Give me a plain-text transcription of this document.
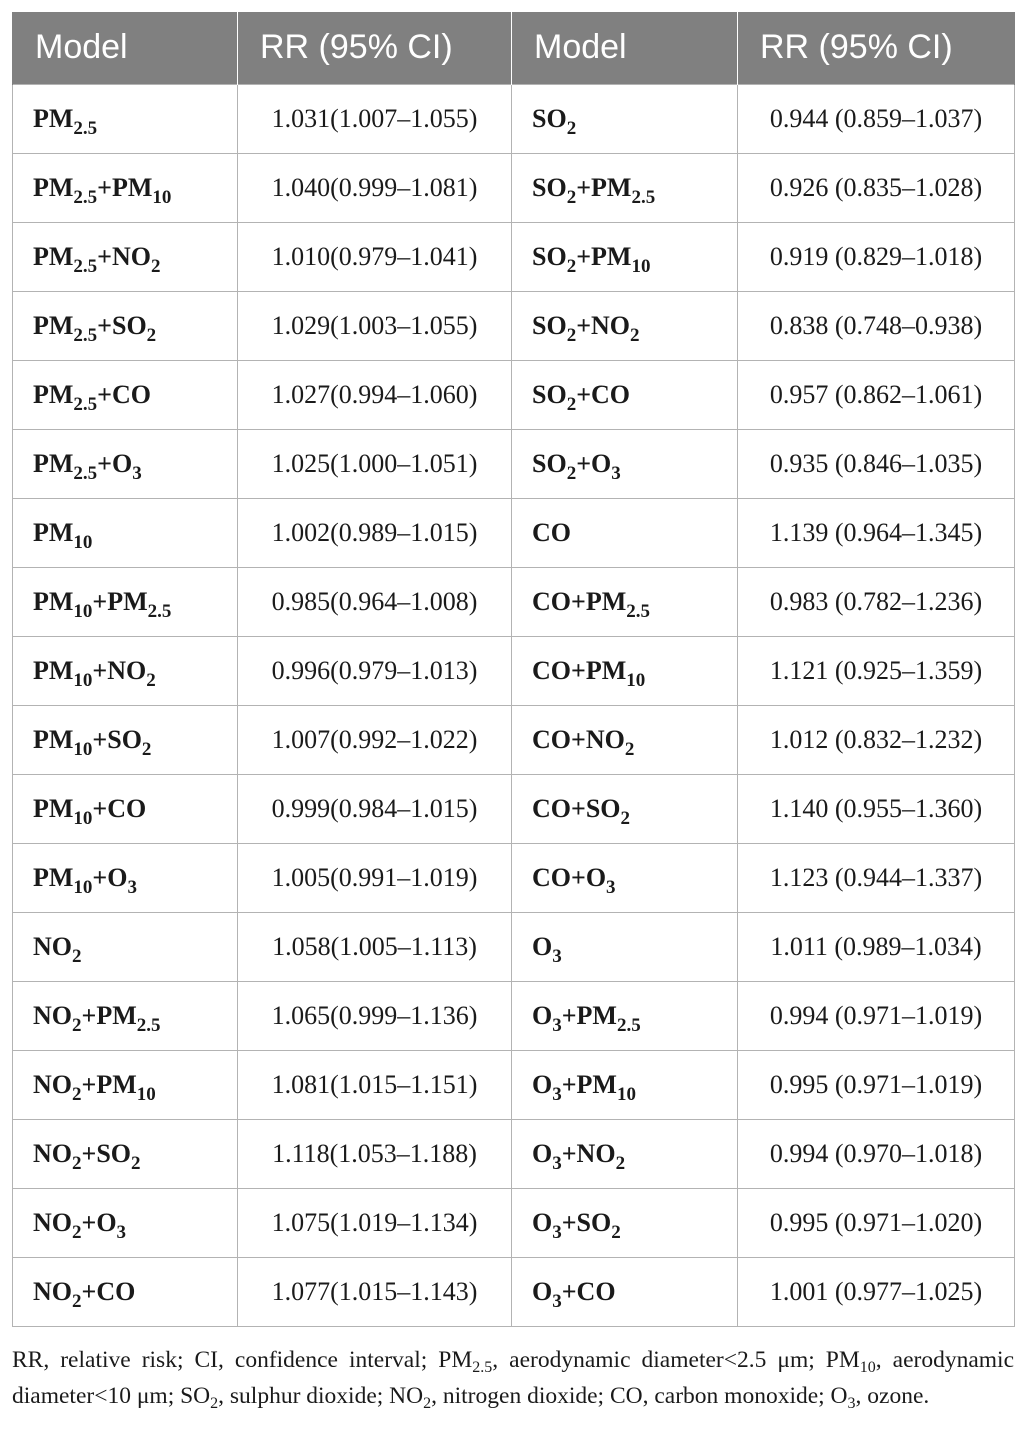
Model	RR (95% CI)	Model	RR (95% CI)
$PM_{2.5}$	1.031(1.007–1.055)	$SO_2$	0.944 (0.859–1.037)
$PM_{2.5}+PM_{10}$	1.040(0.999–1.081)	$SO_2+PM_{2.5}$	0.926 (0.835–1.028)
$PM_{2.5}+NO_2$	1.010(0.979–1.041)	$SO_2+PM_{10}$	0.919 (0.829–1.018)
$PM_{2.5}+SO_2$	1.029(1.003–1.055)	$SO_2+NO_2$	0.838 (0.748–0.938)
$PM_{2.5}+CO$	1.027(0.994–1.060)	$SO_2+CO$	0.957 (0.862–1.061)
$PM_{2.5}+O_3$	1.025(1.000–1.051)	$SO_2+O_3$	0.935 (0.846–1.035)
$PM_{10}$	1.002(0.989–1.015)	CO	1.139 (0.964–1.345)
$PM_{10}+PM_{2.5}$	0.985(0.964–1.008)	$CO+PM_{2.5}$	0.983 (0.782–1.236)
$PM_{10}+NO_2$	0.996(0.979–1.013)	$CO+PM_{10}$	1.121 (0.925–1.359)
$PM_{10}+SO_2$	1.007(0.992–1.022)	$CO+NO_2$	1.012 (0.832–1.232)
$PM_{10}+CO$	0.999(0.984–1.015)	$CO+SO_2$	1.140 (0.955–1.360)
$PM_{10}+O_3$	1.005(0.991–1.019)	$CO+O_3$	1.123 (0.944–1.337)
$NO_2$	1.058(1.005–1.113)	$O_3$	1.011 (0.989–1.034)
$NO_2+PM_{2.5}$	1.065(0.999–1.136)	$O_3+PM_{2.5}$	0.994 (0.971–1.019)
$NO_2+PM_{10}$	1.081(1.015–1.151)	$O_3+PM_{10}$	0.995 (0.971–1.019)
$NO_2+SO_2$	1.118(1.053–1.188)	$O_3+NO_2$	0.994 (0.970–1.018)
$NO_2+O_3$	1.075(1.019–1.134)	$O_3+SO_2$	0.995 (0.971–1.020)
$NO_2+CO$	1.077(1.015–1.143)	$O_3+CO$	1.001 (0.977–1.025)
RR, relative risk; CI, confidence interval; $PM_{2.5}$, aerodynamic diameter<2.5 μm; $PM_{10}$, aerodynamic diameter<10 μm; $SO_2$, sulphur dioxide; $NO_2$, nitrogen dioxide; CO, carbon monoxide; $O_3$, ozone.
